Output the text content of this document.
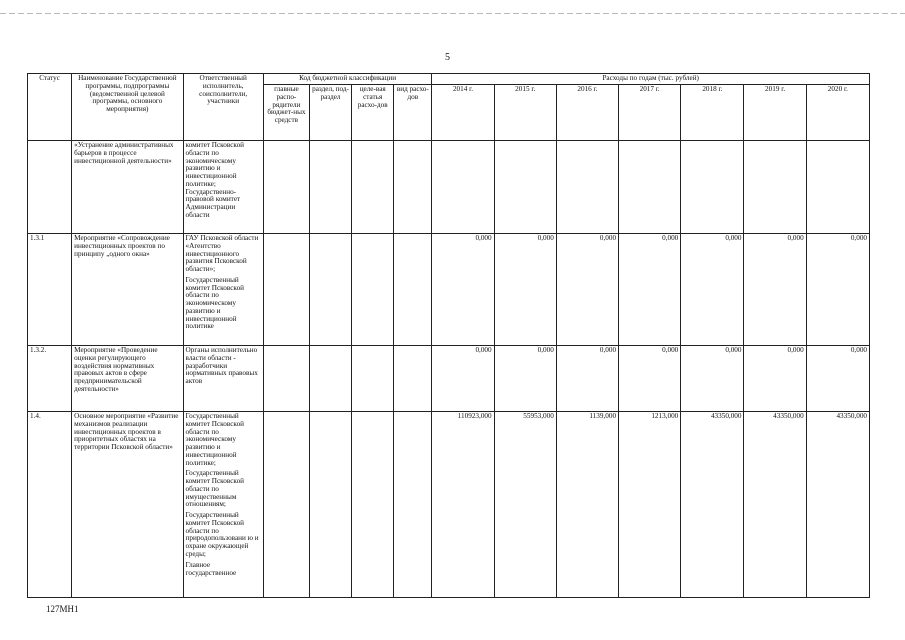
5
Статус	Наименование Государственной программы, подпрограммы (ведомственной целевой программы, основного мероприятия)	Ответственный исполнитель, соисполнители, участники	Код бюджетной классификации				Расходы по годам (тыс. рублей)						
			главные распо-рядители бюджет-ных средств	раздел, под-раздел	целе-вая статья расхо-дов	вид расхо-дов	2014 г.	2015 г.	2016 г.	2017 г.	2018 г.	2019 г.	2020 г.
	«Устранение административных барьеров в процессе инвестиционной деятельности»	комитет Псковской области по экономическому развитию и инвестиционной политике; Государственно-правовой комитет Администрации области											

1.3.1	Мероприятие «Сопровождение инвестиционных проектов по принципу „одного окна»	ГАУ Псковской области «Агентство инвестиционного развития Псковской области»;
Государственный комитет Псковской области по экономическому развитию и инвестиционной политике					0,000	0,000	0,000	0,000	0,000	0,000	0,000
1.3.2.	Мероприятие «Проведение оценки регулирующего воздействия нормативных правовых актов в сфере предпринимательской деятельности»	Органы исполнительно власти области - разработчики нормативных правовых актов					0,000	0,000	0,000	0,000	0,000	0,000	0,000
1.4.	Основное мероприятие «Развитие механизмов реализации инвестиционных проектов в приоритетных областях на территории Псковской области»	Государственный комитет Псковской области по экономическому развитию и инвестиционной политике;
Государственный комитет Псковской области по имущественным отношениям;
Государственный комитет Псковской области по природопользовани ю и охране окружающей среды;
Главное государственное					110923,000	55953,000	1139,000	1213,000	43350,000	43350,000	43350,000
127МН1
